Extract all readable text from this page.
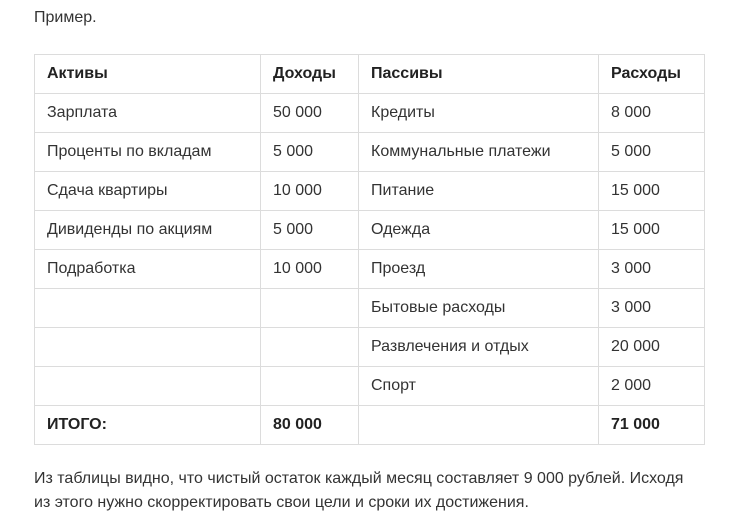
Пример.
Активы	Доходы	Пассивы	Расходы
Зарплата	50 000	Кредиты	8 000
Проценты по вкладам	5 000	Коммунальные платежи	5 000
Сдача квартиры	10 000	Питание	15 000
Дивиденды по акциям	5 000	Одежда	15 000
Подработка	10 000	Проезд	3 000
		Бытовые расходы	3 000
		Развлечения и отдых	20 000
		Спорт	2 000
ИТОГО:	80 000		71 000
Из таблицы видно, что чистый остаток каждый месяц составляет 9 000 рублей. Исходя
из этого нужно скорректировать свои цели и сроки их достижения.
